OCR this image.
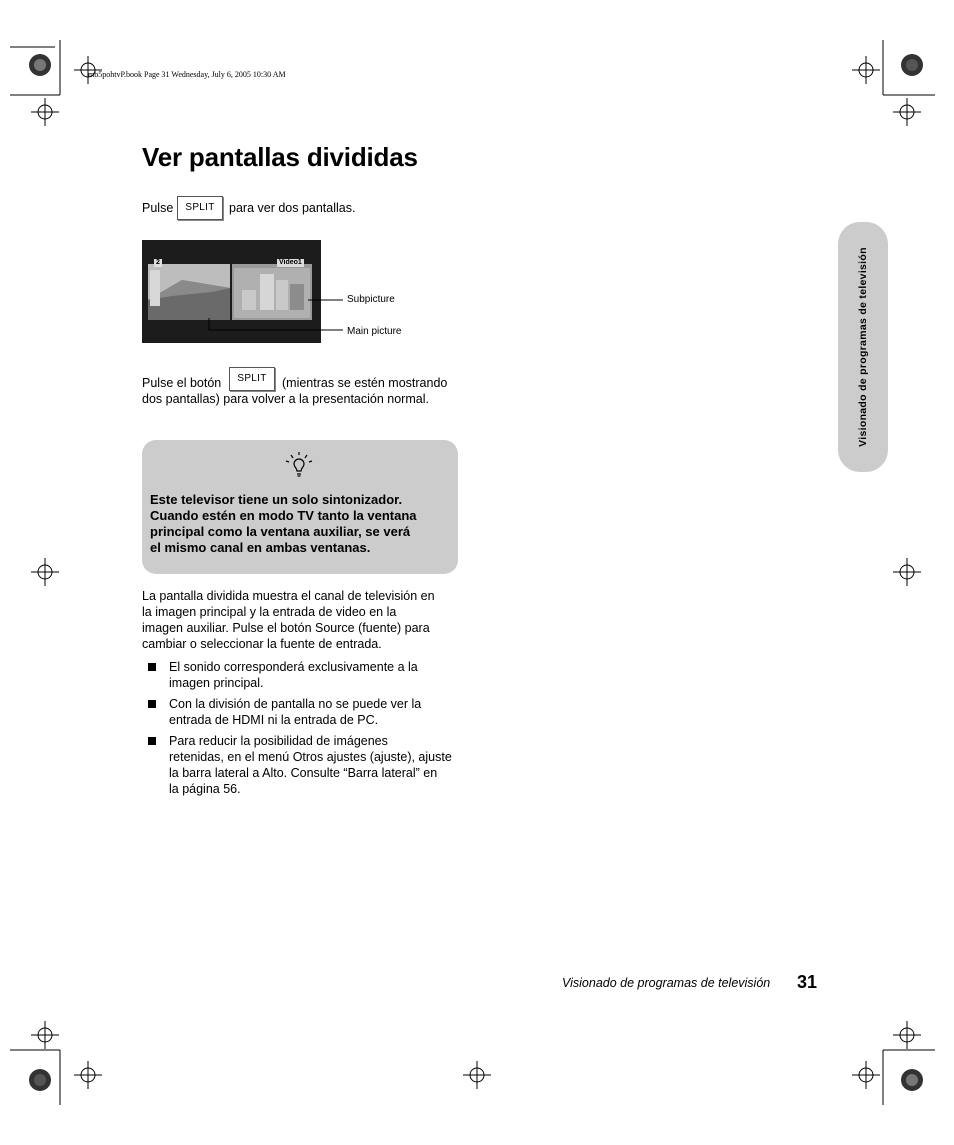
mb5pohtvP.book Page 31 Wednesday, July 6, 2005 10:30 AM
Ver pantallas divididas
Pulse	SPLIT	para ver dos pantallas.
2	Video1
Subpicture
Main picture
Pulse el botón	SPLIT	(mientras se estén mostrando
dos pantallas) para volver a la presentación normal.
Este televisor tiene un solo sintonizador.
Cuando estén en modo TV tanto la ventana
principal como la ventana auxiliar, se verá
el mismo canal en ambas ventanas.
La pantalla dividida muestra el canal de televisión en
la imagen principal y la entrada de video en la
imagen auxiliar. Pulse el botón Source (fuente) para
cambiar o seleccionar la fuente de entrada.
El sonido corresponderá exclusivamente a la
imagen principal.
Con la división de pantalla no se puede ver la
entrada de HDMI ni la entrada de PC.
Para reducir la posibilidad de imágenes
retenidas, en el menú Otros ajustes (ajuste), ajuste
la barra lateral a Alto. Consulte “Barra lateral” en
la página 56.
Visionado de programas de televisión
Visionado de programas de televisión 31
